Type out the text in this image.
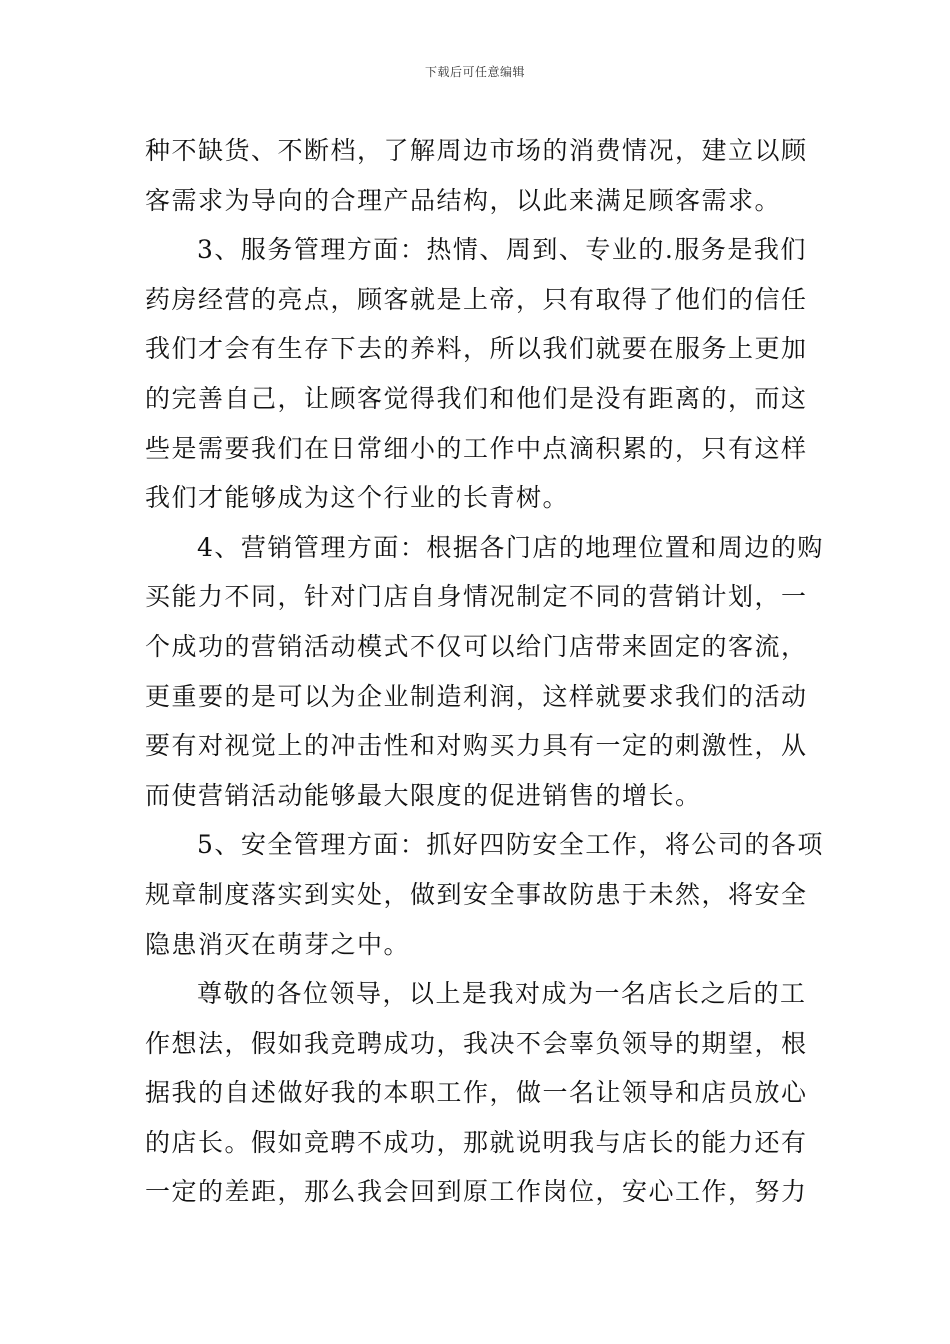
下载后可任意编辑
种不缺货、不断档，了解周边市场的消费情况，建立以顾
客需求为导向的合理产品结构，以此来满足顾客需求。
3、服务管理方面：热情、周到、专业的.服务是我们
药房经营的亮点，顾客就是上帝，只有取得了他们的信任
我们才会有生存下去的养料，所以我们就要在服务上更加
的完善自己，让顾客觉得我们和他们是没有距离的，而这
些是需要我们在日常细小的工作中点滴积累的，只有这样
我们才能够成为这个行业的长青树。
4、营销管理方面：根据各门店的地理位置和周边的购
买能力不同，针对门店自身情况制定不同的营销计划，一
个成功的营销活动模式不仅可以给门店带来固定的客流，
更重要的是可以为企业制造利润，这样就要求我们的活动
要有对视觉上的冲击性和对购买力具有一定的刺激性，从
而使营销活动能够最大限度的促进销售的增长。
5、安全管理方面：抓好四防安全工作，将公司的各项
规章制度落实到实处，做到安全事故防患于未然，将安全
隐患消灭在萌芽之中。
尊敬的各位领导，以上是我对成为一名店长之后的工
作想法，假如我竞聘成功，我决不会辜负领导的期望，根
据我的自述做好我的本职工作，做一名让领导和店员放心
的店长。假如竞聘不成功，那就说明我与店长的能力还有
一定的差距，那么我会回到原工作岗位，安心工作，努力
